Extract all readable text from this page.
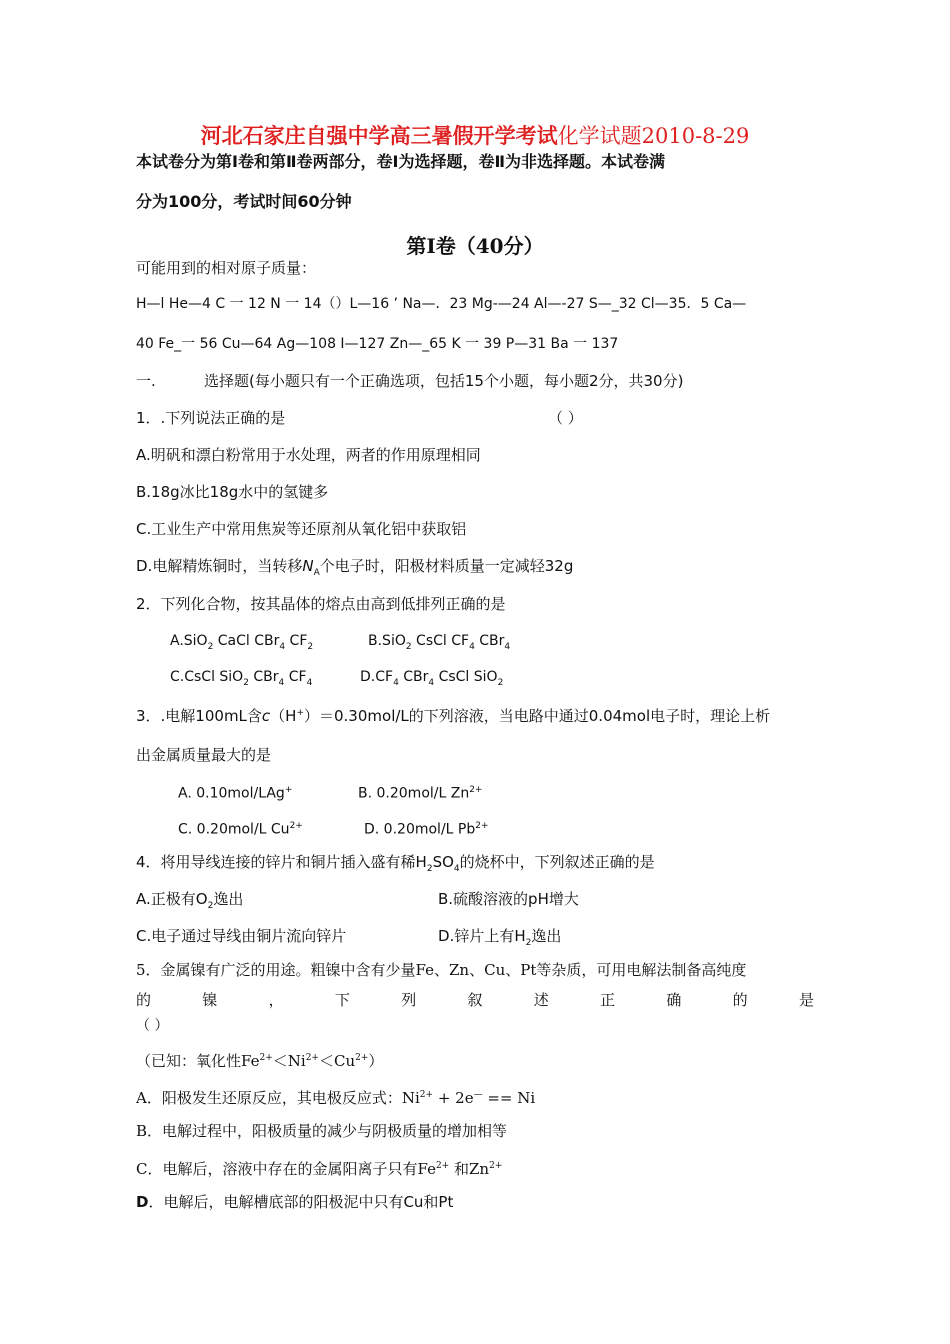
河北石家庄自强中学高三暑假开学考试化学试题2010-8-29
本试卷分为第Ⅰ卷和第Ⅱ卷两部分，卷Ⅰ为选择题，卷Ⅱ为非选择题。本试卷满
分为100分，考试时间60分钟
第Ⅰ卷（40分）
可能用到的相对原子质量：
H—l He—4 C 一 12 N 一 14（）L—16 ’ Na—．23 Mg-—24 Al—-27 S—_32 Cl—35．5 Ca—
40 Fe_一 56 Cu—64 Ag—108 I—127 Zn—_65 K 一 39 P—31 Ba 一 137
一.	选择题(每小题只有一个正确选项，包括15个小题，每小题2分，共30分)
1．.下列说法正确的是	（ ）
A.明矾和漂白粉常用于水处理，两者的作用原理相同
B.18g冰比18g水中的氢键多
C.工业生产中常用焦炭等还原剂从氧化铝中获取铝
D.电解精炼铜时，当转移$N_A$个电子时，阳极材料质量一定减轻32g
2．下列化合物，按其晶体的熔点由高到低排列正确的是
A.SiO$_2$ CaCl CBr$_4$ $CF_2$	B.SiO$_2$ CsCl $CF_4$ CBr$_4$
C.CsCl SiO$_2$ CBr$_4$ $CF_4$	$D.CF_4$ CBr$_4$ CsCl SiO$_2$
3．.电解100mL含c（H+）＝0.30mol/L的下列溶液，当电路中通过0.04mol电子时，理论上析
出金属质量最大的是
A. 0.10mol/LAg+	B. 0.20mol/L $Zn^{2+}$
C. 0.20mol/L $Cu^{2+}$	D. 0.20mol/L $Pb^{2+}$
4．将用导线连接的锌片和铜片插入盛有稀$H_2SO_4$的烧杯中，下列叙述正确的是
A.正极有$O_2$逸出	B.硫酸溶液的pH增大
C.电子通过导线由铜片流向锌片	D.锌片上有$H_2$逸出
5．金属镍有广泛的用途。粗镍中含有少量Fe、Zn、Cu、Pt等杂质，可用电解法制备高纯度
的	镍	，	下	列	叙	述	正	确	的	是
（ ）
（已知：氧化性$Fe^{2+}<Ni^{2+}<Cu^{2+}$）
A．阳极发生还原反应，其电极反应式：$Ni^{2+} + 2e^— == Ni$
B．电解过程中，阳极质量的减少与阴极质量的增加相等
C．电解后，溶液中存在的金属阳离子只有$Fe^{2+}$ 和$Zn^{2+}$
D．电解后，电解槽底部的阳极泥中只有Cu和Pt
